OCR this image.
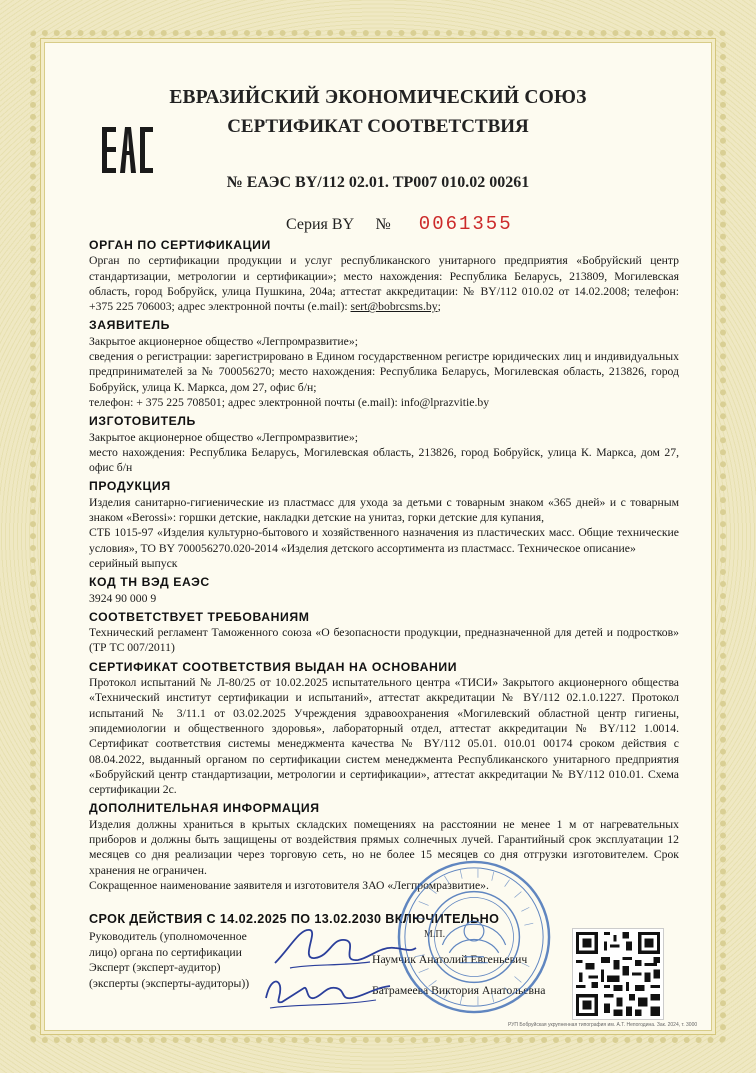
ЕВРАЗИЙСКИЙ ЭКОНОМИЧЕСКИЙ СОЮЗ
СЕРТИФИКАТ СООТВЕТСТВИЯ
№ ЕАЭС BY/112 02.01. ТР007 010.02 00261
Серия BY № 0061355
ОРГАН ПО СЕРТИФИКАЦИИ
Орган по сертификации продукции и услуг республиканского унитарного предприятия «Бобруйский центр стандартизации, метрологии и сертификации»; место нахождения: Республика Беларусь, 213809, Могилевская область, город Бобруйск, улица Пушкина, 204а; аттестат аккредитации: № BY/112 010.02 от 14.02.2008; телефон: +375 225 706003; адрес электронной почты (e.mail): sert@bobrcsms.by;
ЗАЯВИТЕЛЬ

Закрытое акционерное общество «Легпромразвитие»;

сведения о регистрации: зарегистрировано в Едином государственном регистре юридических лиц и индивидуальных предпринимателей за № 700056270; место нахождения: Республика Беларусь, Могилевская область, 213826, город Бобруйск, улица К. Маркса, дом 27, офис б/н;

телефон: + 375 225 708501; адрес электронной почты (e.mail): info@lprazvitie.by

ИЗГОТОВИТЕЛЬ

Закрытое акционерное общество «Легпромразвитие»;

место нахождения: Республика Беларусь, Могилевская область, 213826, город Бобруйск, улица К. Маркса, дом 27, офис б/н

ПРОДУКЦИЯ

Изделия санитарно-гигиенические из пластмасс для ухода за детьми с товарным знаком «365 дней» и с товарным знаком «Berossi»: горшки детские, накладки детские на унитаз, горки детские для купания,

СТБ 1015-97 «Изделия культурно-бытового и хозяйственного назначения из пластических масс. Общие технические условия», ТО BY 700056270.020-2014 «Изделия детского ассортимента из пластмасс. Техническое описание»

серийный выпуск

КОД ТН ВЭД ЕАЭС
3924 90 000 9
СООТВЕТСТВУЕТ ТРЕБОВАНИЯМ
Технический регламент Таможенного союза «О безопасности продукции, предназначенной для детей и подростков» (ТР ТС 007/2011)
СЕРТИФИКАТ СООТВЕТСТВИЯ ВЫДАН НА ОСНОВАНИИ
Протокол испытаний № Л-80/25 от 10.02.2025 испытательного центра «ТИСИ» Закрытого акционерного общества «Технический институт сертификации и испытаний», аттестат аккредитации № BY/112 02.1.0.1227. Протокол испытаний № 3/11.1 от 03.02.2025 Учреждения здравоохранения «Могилевский областной центр гигиены, эпидемиологии и общественного здоровья», лабораторный отдел, аттестат аккредитации № BY/112 1.0014. Сертификат соответствия системы менеджмента качества № BY/112 05.01. 010.01 00174 сроком действия с 08.04.2022, выданный органом по сертификации систем менеджмента Республиканского унитарного предприятия «Бобруйский центр стандартизации, метрологии и сертификации», аттестат аккредитации № BY/112 010.01. Схема сертификации 2с.
ДОПОЛНИТЕЛЬНАЯ ИНФОРМАЦИЯ

Изделия должны храниться в крытых складских помещениях на расстоянии не менее 1 м от нагревательных приборов и должны быть защищены от воздействия прямых солнечных лучей. Гарантийный срок эксплуатации 12 месяцев со дня реализации через торговую сеть, но не более 15 месяцев со дня отгрузки изготовителем. Срок хранения не ограничен.

Сокращенное наименование заявителя и изготовителя ЗАО «Легпромразвитие».

СРОК ДЕЙСТВИЯ С 14.02.2025 ПО 13.02.2030 ВКЛЮЧИТЕЛЬНО
Руководитель (уполномоченное
лицо) органа по сертификации
Эксперт (эксперт-аудитор)
(эксперты (эксперты-аудиторы))
М.П.
Наумчик Анатолий Евгеньевич
Батрамеева Виктория Анатольевна
РУП Бобруйская укрупненная типография им. А.Т. Непогодина. Зак. 2024, т. 3000
